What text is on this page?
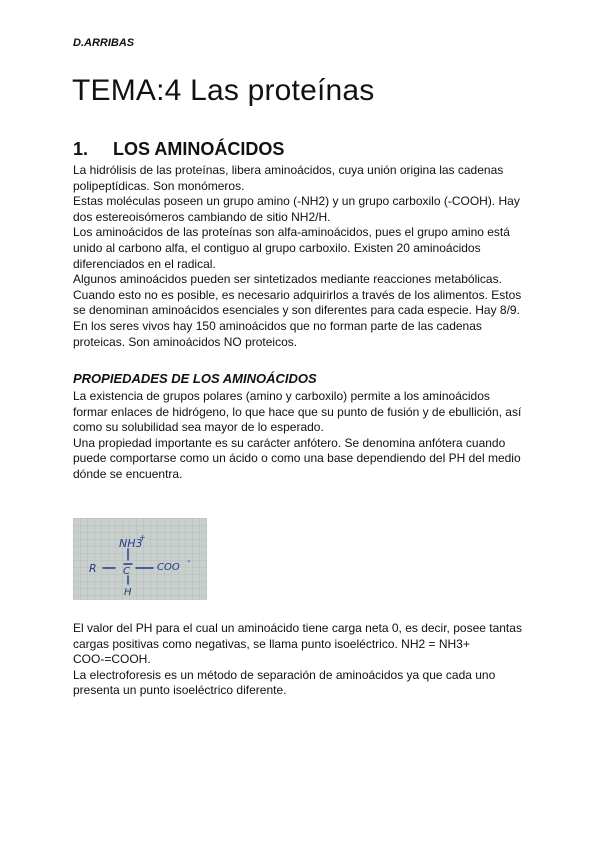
D.ARRIBAS
TEMA:4 Las proteínas
1. LOS AMINOÁCIDOS

La hidrólisis de las proteínas, libera aminoácidos, cuya unión origina las cadenas

polipeptídicas. Son monómeros.

Estas moléculas poseen un grupo amino (-NH2) y un grupo carboxilo (-COOH). Hay

dos estereoisómeros cambiando de sitio NH2/H.

Los aminoácidos de las proteínas son alfa-aminoácidos, pues el grupo amino está

unido al carbono alfa, el contiguo al grupo carboxilo. Existen 20 aminoácidos

diferenciados en el radical.

Algunos aminoácidos pueden ser sintetizados mediante reacciones metabólicas.

Cuando esto no es posible, es necesario adquirirlos a través de los alimentos. Estos

se denominan aminoácidos esenciales y son diferentes para cada especie. Hay 8/9.

En los seres vivos hay 150 aminoácidos que no forman parte de las cadenas

proteicas. Son aminoácidos NO proteicos.

PROPIEDADES DE LOS AMINOÁCIDOS

La existencia de grupos polares (amino y carboxilo) permite a los aminoácidos

formar enlaces de hidrógeno, lo que hace que su punto de fusión y de ebullición, así

como su solubilidad sea mayor de lo esperado.

Una propiedad importante es su carácter anfótero. Se denomina anfótera cuando

puede comportarse como un ácido o como una base dependiendo del PH del medio

dónde se encuentra.

NH3
R	C	COO
-
+
H

El valor del PH para el cual un aminoácido tiene carga neta 0, es decir, posee tantas

cargas positivas como negativas, se llama punto isoeléctrico. NH2 = NH3+

COO-=COOH.

La electroforesis es un método de separación de aminoácidos ya que cada uno

presenta un punto isoeléctrico diferente.
